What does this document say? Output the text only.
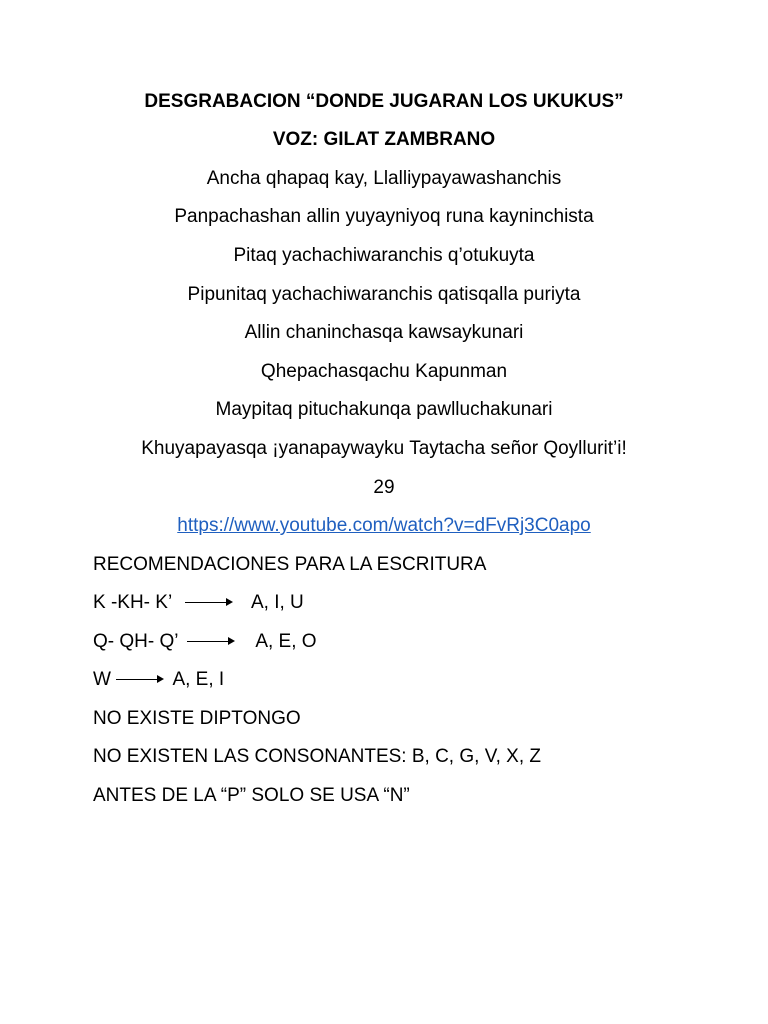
DESGRABACION “DONDE JUGARAN LOS UKUKUS”
VOZ: GILAT ZAMBRANO
Ancha qhapaq kay, Llalliypayawashanchis
Panpachashan allin yuyayniyoq runa kayninchista
Pitaq yachachiwaranchis q’otukuyta
Pipunitaq yachachiwaranchis qatisqalla puriyta
Allin chaninchasqa kawsaykunari
Qhepachasqachu Kapunman
Maypitaq pituchakunqa pawlluchakunari
Khuyapayasqa ¡yanapaywayku Taytacha señor Qoyllurit’i!
29
https://www.youtube.com/watch?v=dFvRj3C0apo
RECOMENDACIONES PARA LA ESCRITURA
K -KH- K’	A, I, U
Q- QH- Q’	A, E, O
W	A, E, I
NO EXISTE DIPTONGO
NO EXISTEN LAS CONSONANTES: B, C, G, V, X, Z
ANTES DE LA “P” SOLO SE USA “N”
